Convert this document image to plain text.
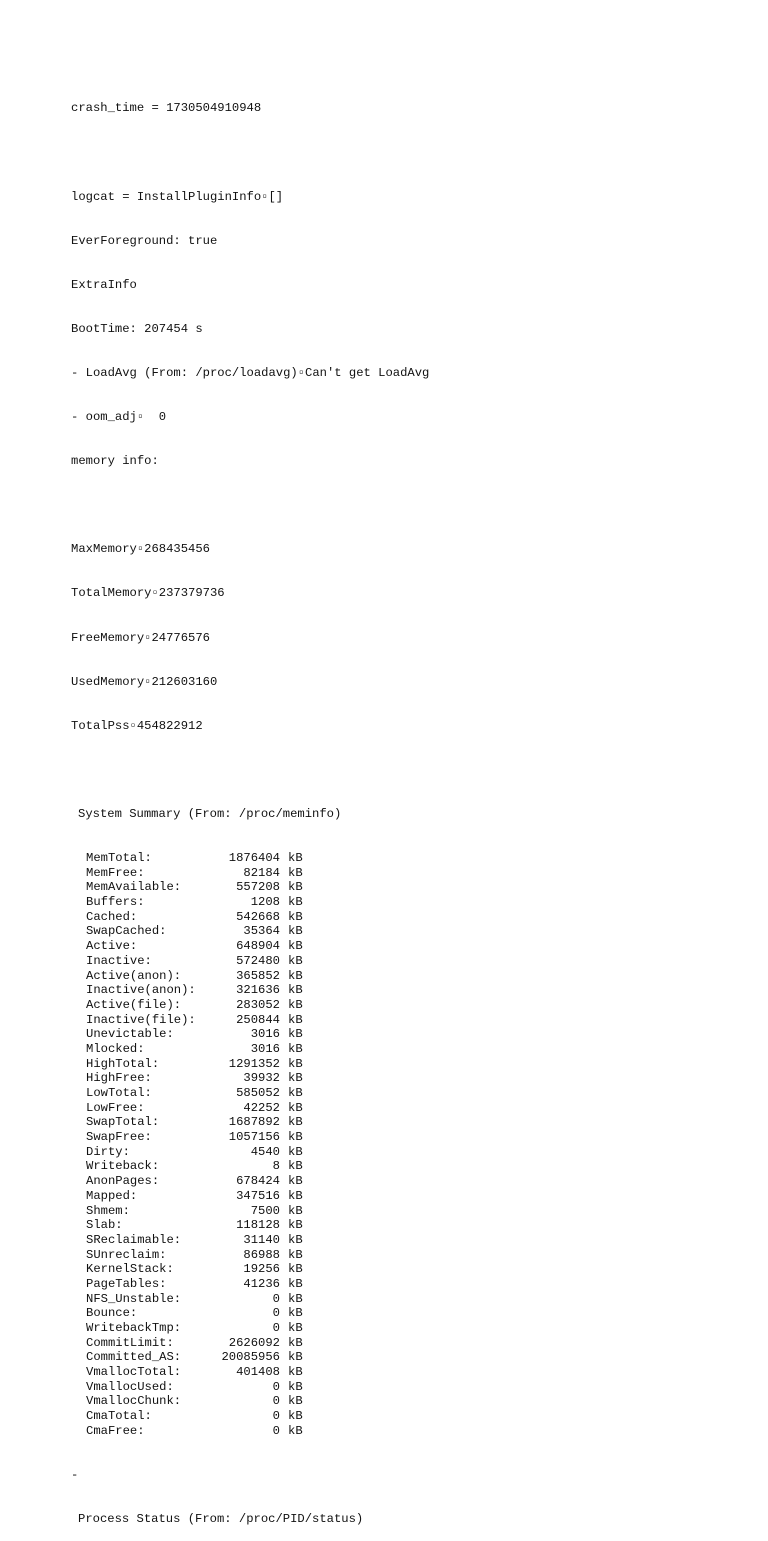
crash_time = 1730504910948

logcat = InstallPluginInfo▫[]

EverForeground: true

ExtraInfo

BootTime: 207454 s

- LoadAvg (From: /proc/loadavg)▫Can't get LoadAvg

- oom_adj▫  0

memory info:

MaxMemory▫268435456

TotalMemory▫237379736

FreeMemory▫24776576

UsedMemory▫212603160

TotalPss▫454822912

System Summary (From: /proc/meminfo)

MemTotal:	1876404 kB
MemFree:	82184 kB
MemAvailable:	557208 kB
Buffers:	1208 kB
Cached:	542668 kB
SwapCached:	35364 kB
Active:	648904 kB
Inactive:	572480 kB
Active(anon):	365852 kB
Inactive(anon):	321636 kB
Active(file):	283052 kB
Inactive(file):	250844 kB
Unevictable:	3016 kB
Mlocked:	3016 kB
HighTotal:	1291352 kB
HighFree:	39932 kB
LowTotal:	585052 kB
LowFree:	42252 kB
SwapTotal:	1687892 kB
SwapFree:	1057156 kB
Dirty:	4540 kB
Writeback:	8 kB
AnonPages:	678424 kB
Mapped:	347516 kB
Shmem:	7500 kB
Slab:	118128 kB
SReclaimable:	31140 kB
SUnreclaim:	86988 kB
KernelStack:	19256 kB
PageTables:	41236 kB
NFS_Unstable:	0 kB
Bounce:	0 kB
WritebackTmp:	0 kB
CommitLimit:	2626092 kB
Committed_AS:	20085956 kB
VmallocTotal:	401408 kB
VmallocUsed:	0 kB
VmallocChunk:	0 kB
CmaTotal:	0 kB
CmaFree:	0 kB

-

Process Status (From: /proc/PID/status)
